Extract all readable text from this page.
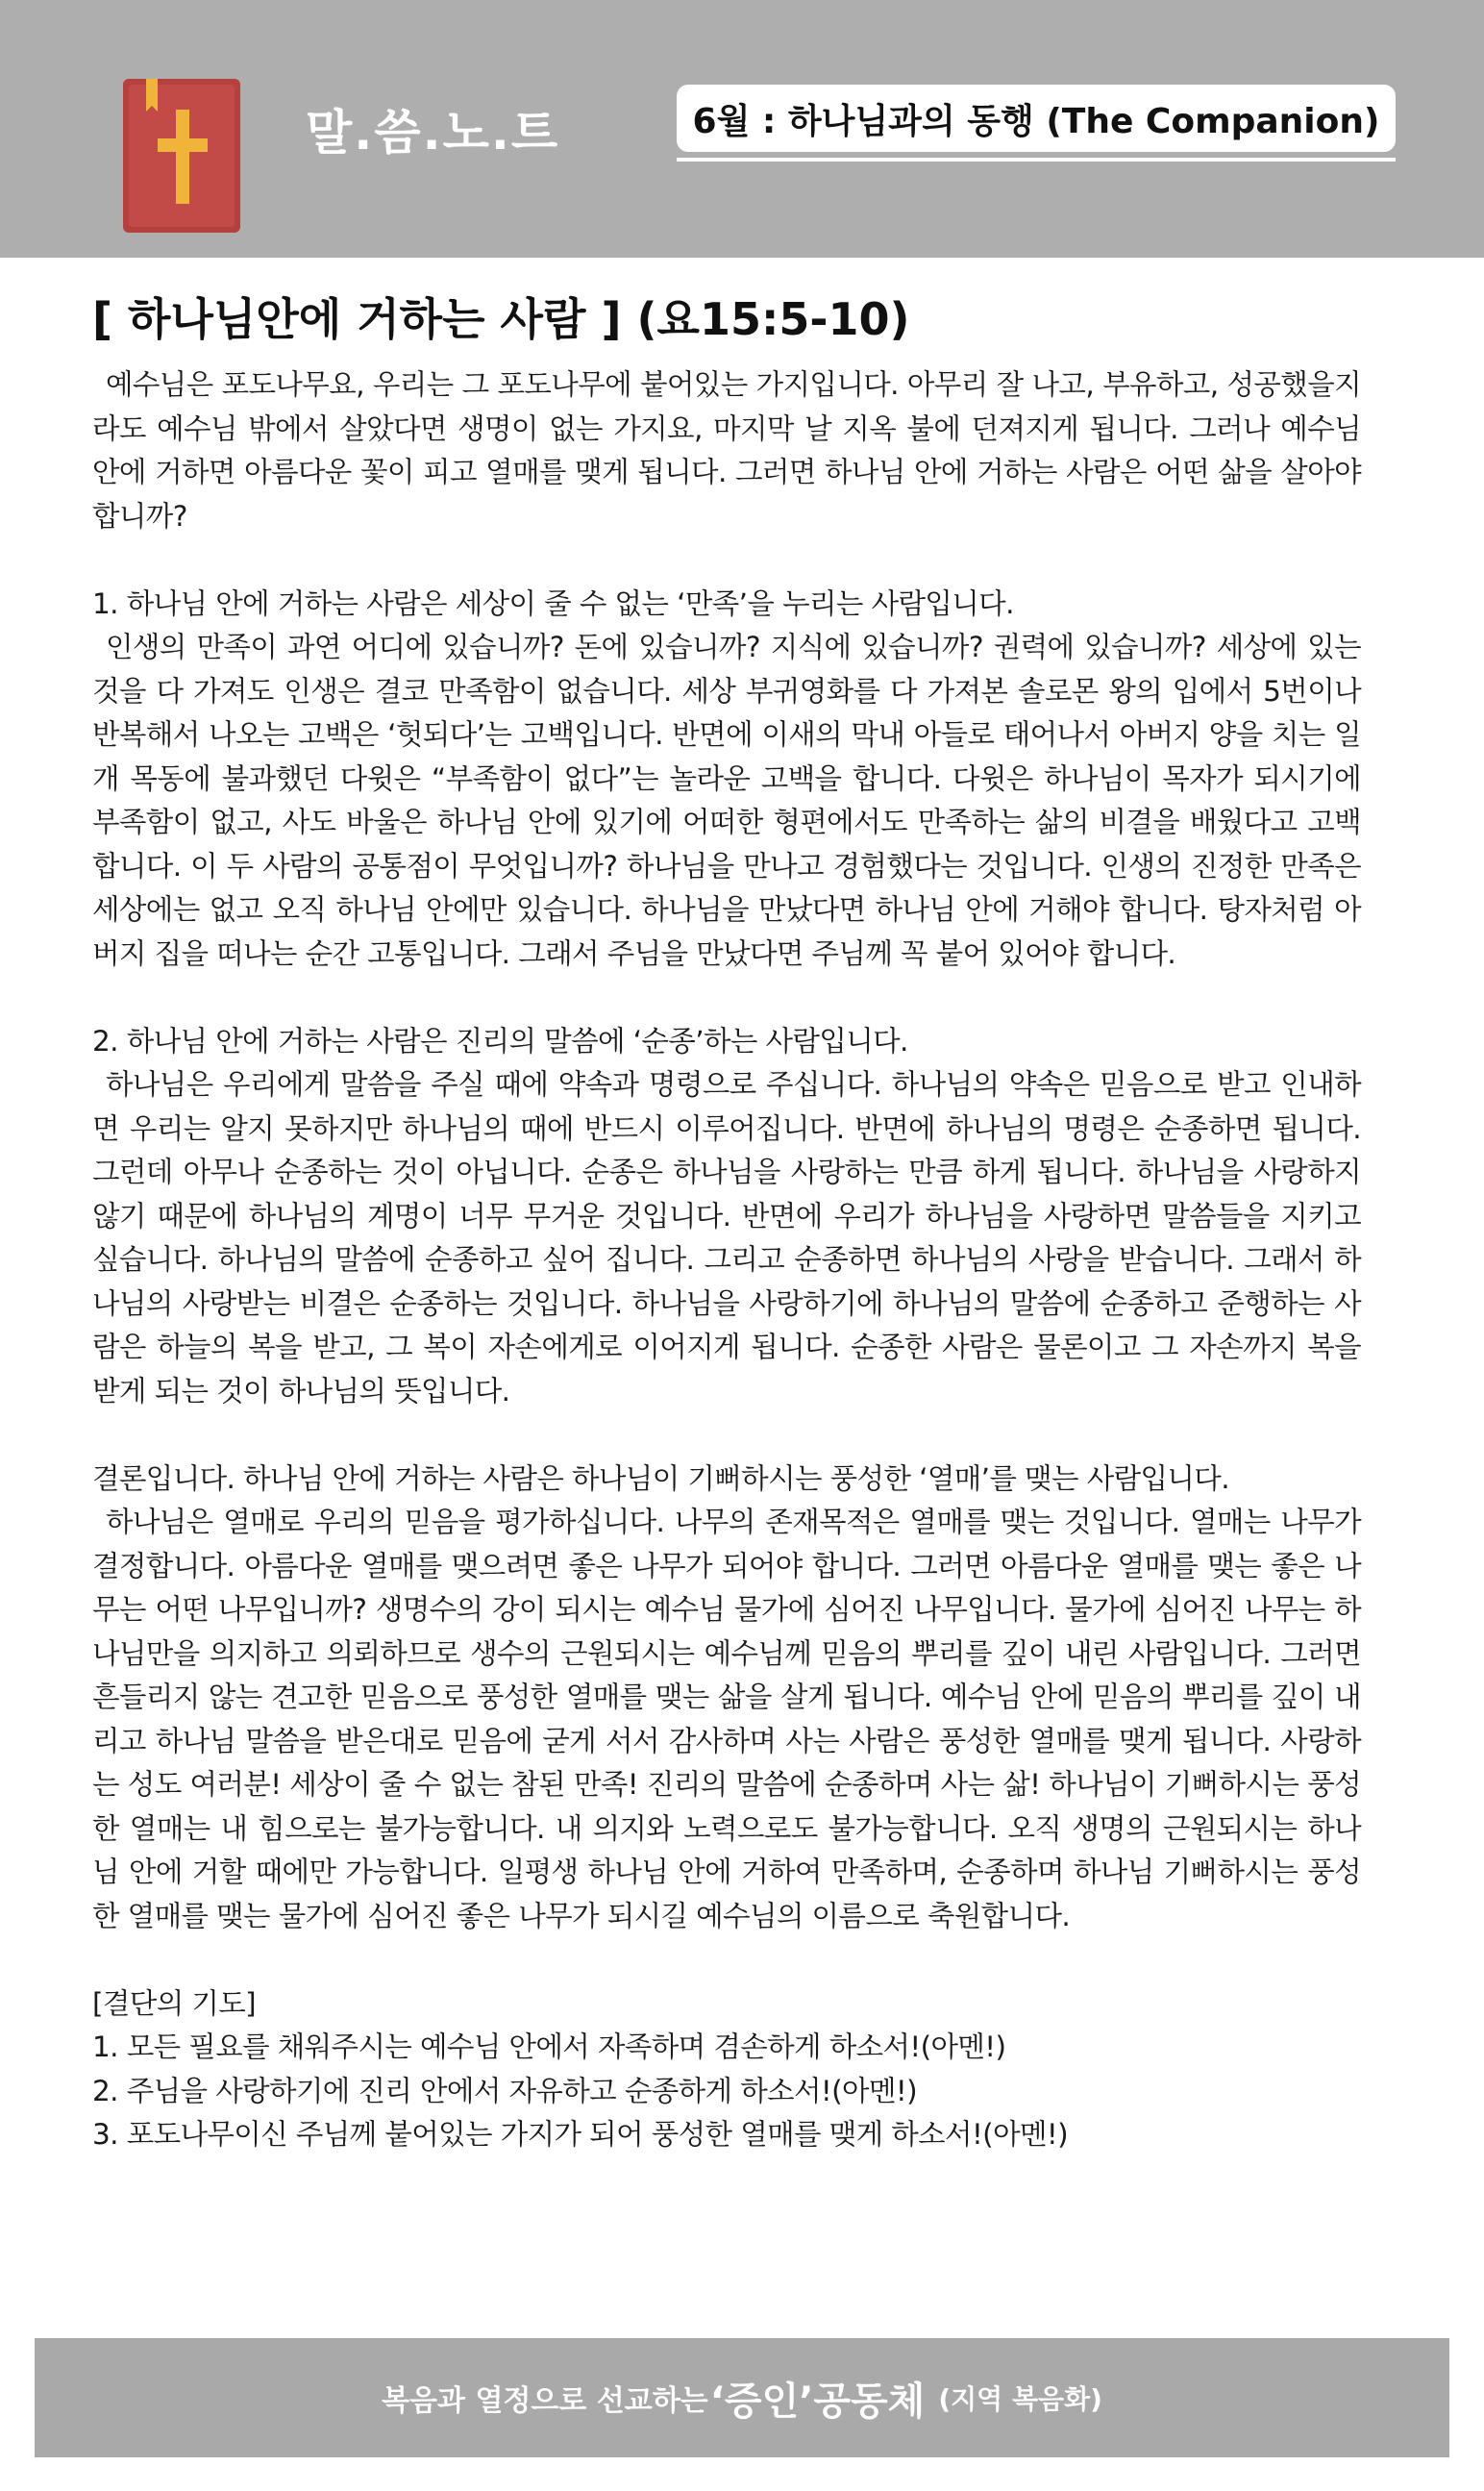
말.씀.노.트	6월 : 하나님과의 동행 (The Companion)
[ 하나님안에 거하는 사람 ] (요15:5-10)

예수님은 포도나무요, 우리는 그 포도나무에 붙어있는 가지입니다. 아무리 잘 나고, 부유하고, 성공했을지라도 예수님 밖에서 살았다면 생명이 없는 가지요, 마지막 날 지옥 불에 던져지게 됩니다. 그러나 예수님 안에 거하면 아름다운 꽃이 피고 열매를 맺게 됩니다. 그러면 하나님 안에 거하는 사람은 어떤 삶을 살아야 합니까?

1. 하나님 안에 거하는 사람은 세상이 줄 수 없는 ‘만족’을 누리는 사람입니다.

인생의 만족이 과연 어디에 있습니까? 돈에 있습니까? 지식에 있습니까? 권력에 있습니까? 세상에 있는 것을 다 가져도 인생은 결코 만족함이 없습니다. 세상 부귀영화를 다 가져본 솔로몬 왕의 입에서 5번이나 반복해서 나오는 고백은 ‘헛되다’는 고백입니다. 반면에 이새의 막내 아들로 태어나서 아버지 양을 치는 일개 목동에 불과했던 다윗은 “부족함이 없다”는 놀라운 고백을 합니다. 다윗은 하나님이 목자가 되시기에 부족함이 없고, 사도 바울은 하나님 안에 있기에 어떠한 형편에서도 만족하는 삶의 비결을 배웠다고 고백합니다. 이 두 사람의 공통점이 무엇입니까? 하나님을 만나고 경험했다는 것입니다. 인생의 진정한 만족은 세상에는 없고 오직 하나님 안에만 있습니다. 하나님을 만났다면 하나님 안에 거해야 합니다. 탕자처럼 아버지 집을 떠나는 순간 고통입니다. 그래서 주님을 만났다면 주님께 꼭 붙어 있어야 합니다.

2. 하나님 안에 거하는 사람은 진리의 말씀에 ‘순종’하는 사람입니다.

하나님은 우리에게 말씀을 주실 때에 약속과 명령으로 주십니다. 하나님의 약속은 믿음으로 받고 인내하면 우리는 알지 못하지만 하나님의 때에 반드시 이루어집니다. 반면에 하나님의 명령은 순종하면 됩니다. 그런데 아무나 순종하는 것이 아닙니다. 순종은 하나님을 사랑하는 만큼 하게 됩니다. 하나님을 사랑하지 않기 때문에 하나님의 계명이 너무 무거운 것입니다. 반면에 우리가 하나님을 사랑하면 말씀들을 지키고 싶습니다. 하나님의 말씀에 순종하고 싶어 집니다. 그리고 순종하면 하나님의 사랑을 받습니다. 그래서 하나님의 사랑받는 비결은 순종하는 것입니다. 하나님을 사랑하기에 하나님의 말씀에 순종하고 준행하는 사람은 하늘의 복을 받고, 그 복이 자손에게로 이어지게 됩니다. 순종한 사람은 물론이고 그 자손까지 복을 받게 되는 것이 하나님의 뜻입니다.

결론입니다. 하나님 안에 거하는 사람은 하나님이 기뻐하시는 풍성한 ‘열매’를 맺는 사람입니다.

하나님은 열매로 우리의 믿음을 평가하십니다. 나무의 존재목적은 열매를 맺는 것입니다. 열매는 나무가 결정합니다. 아름다운 열매를 맺으려면 좋은 나무가 되어야 합니다. 그러면 아름다운 열매를 맺는 좋은 나무는 어떤 나무입니까? 생명수의 강이 되시는 예수님 물가에 심어진 나무입니다. 물가에 심어진 나무는 하나님만을 의지하고 의뢰하므로 생수의 근원되시는 예수님께 믿음의 뿌리를 깊이 내린 사람입니다. 그러면 흔들리지 않는 견고한 믿음으로 풍성한 열매를 맺는 삶을 살게 됩니다. 예수님 안에 믿음의 뿌리를 깊이 내리고 하나님 말씀을 받은대로 믿음에 굳게 서서 감사하며 사는 사람은 풍성한 열매를 맺게 됩니다. 사랑하는 성도 여러분! 세상이 줄 수 없는 참된 만족! 진리의 말씀에 순종하며 사는 삶! 하나님이 기뻐하시는 풍성한 열매는 내 힘으로는 불가능합니다. 내 의지와 노력으로도 불가능합니다. 오직 생명의 근원되시는 하나님 안에 거할 때에만 가능합니다. 일평생 하나님 안에 거하여 만족하며, 순종하며 하나님 기뻐하시는 풍성한 열매를 맺는 물가에 심어진 좋은 나무가 되시길 예수님의 이름으로 축원합니다.

[결단의 기도]

1. 모든 필요를 채워주시는 예수님 안에서 자족하며 겸손하게 하소서!(아멘!)

2. 주님을 사랑하기에 진리 안에서 자유하고 순종하게 하소서!(아멘!)

3. 포도나무이신 주님께 붙어있는 가지가 되어 풍성한 열매를 맺게 하소서!(아멘!)

복음과 열정으로 선교하는 ‘증인’공동체 (지역 복음화)
